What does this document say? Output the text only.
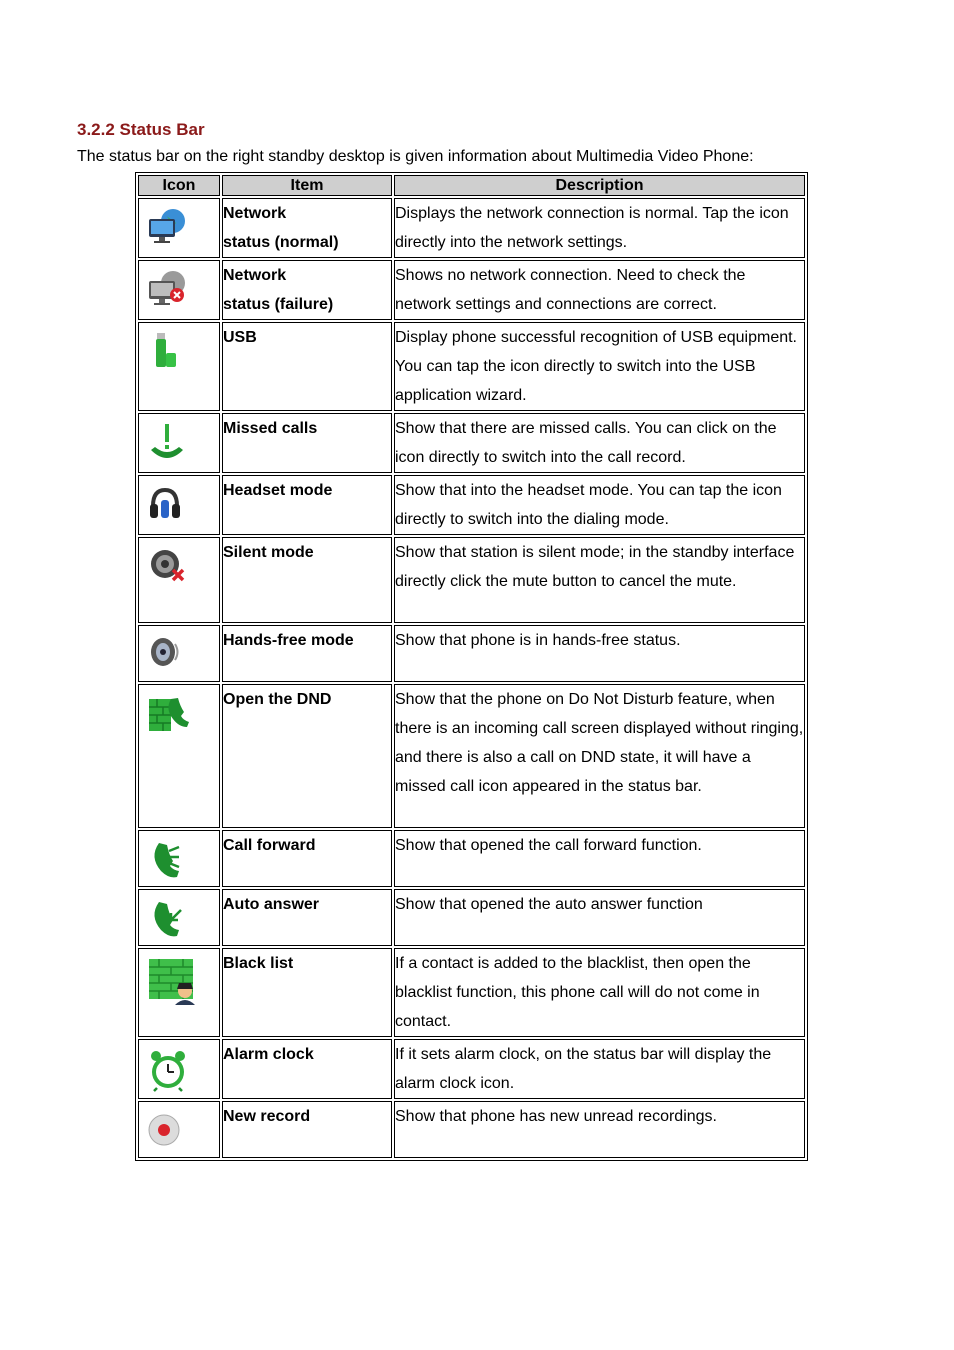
3.2.2 Status Bar
The status bar on the right standby desktop is given information about Multimedia Video Phone:
Icon	Item	Description

Network
status (normal)	Displays the network connection is normal. Tap the icon directly into the network settings.

Network
status (failure)	Shows no network connection. Need to check the network settings and connections are correct.

USB	Display phone successful recognition of USB equipment. You can tap the icon directly to switch into the USB application wizard.

Missed calls	Show that there are missed calls. You can click on the icon directly to switch into the call record.

Headset mode	Show that into the headset mode. You can tap the icon directly to switch into the dialing mode.

Silent mode	Show that station is silent mode; in the standby interface directly click the mute button to cancel the mute.

Hands-free mode	Show that phone is in hands-free status.

Open the DND	Show that the phone on Do Not Disturb feature, when there is an incoming call screen displayed without ringing, and there is also a call on DND state, it will have a missed call icon appeared in the status bar.

Call forward	Show that opened the call forward function.

Auto answer	Show that opened the auto answer function

Black list	If a contact is added to the blacklist, then open the blacklist function, this phone call will do not come in contact.

Alarm clock	If it sets alarm clock, on the status bar will display the alarm clock icon.

New record	Show that phone has new unread recordings.
